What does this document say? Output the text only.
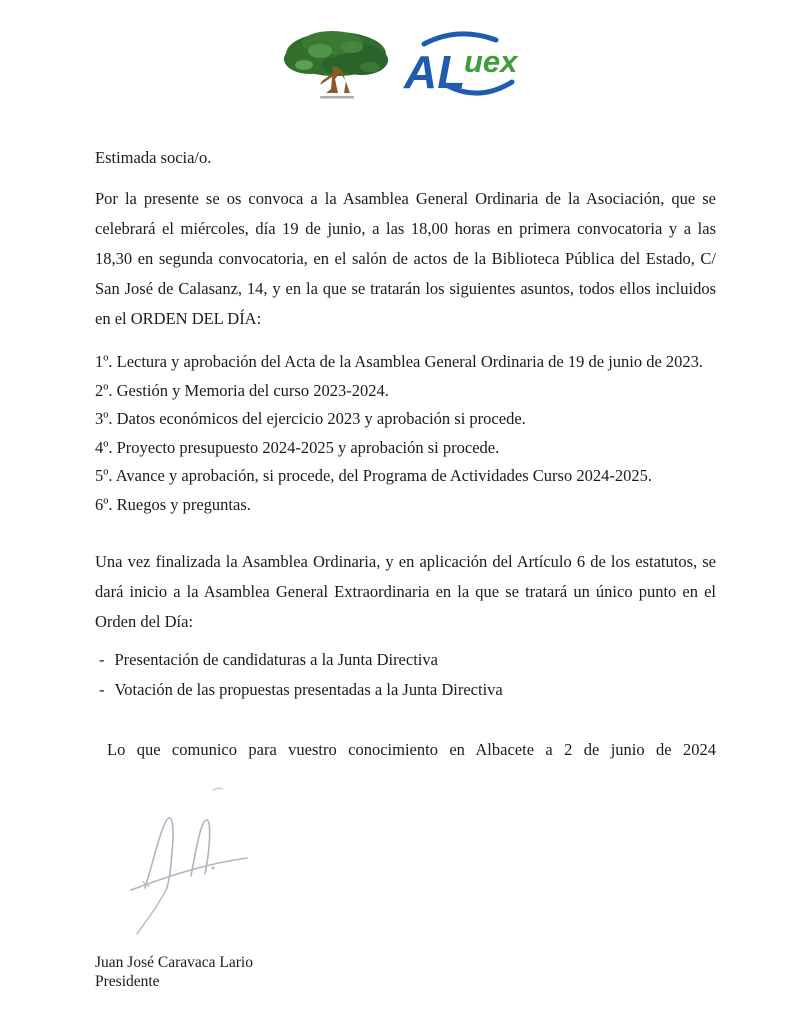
AL
uex

Estimada socia/o.

Por la presente se os convoca a la Asamblea General Ordinaria de la Asociación, que se celebrará el miércoles, día 19 de junio, a las 18,00 horas en primera convocatoria y a las 18,30 en segunda convocatoria, en el salón de actos de la Biblioteca Pública del Estado, C/ San José de Calasanz, 14, y en la que se tratarán los siguientes asuntos, todos ellos incluidos en el ORDEN DEL DÍA:

1º. Lectura y aprobación del Acta de la Asamblea General Ordinaria de 19 de junio de 2023.
2º. Gestión y Memoria del curso 2023-2024.
3º. Datos económicos del ejercicio 2023 y aprobación si procede.
4º. Proyecto presupuesto 2024-2025 y aprobación si procede.
5º. Avance y aprobación, si procede, del Programa de Actividades Curso 2024-2025.
6º. Ruegos y preguntas.

Una vez finalizada la Asamblea Ordinaria, y en aplicación del Artículo 6 de los estatutos, se dará inicio a la Asamblea General Extraordinaria en la que se tratará un único punto en el Orden del Día:

- Presentación de candidaturas a la Junta Directiva
- Votación de las propuestas presentadas a la Junta Directiva

Lo que comunico para vuestro conocimiento en Albacete a 2 de junio de 2024

Juan José Caravaca Lario
Presidente
